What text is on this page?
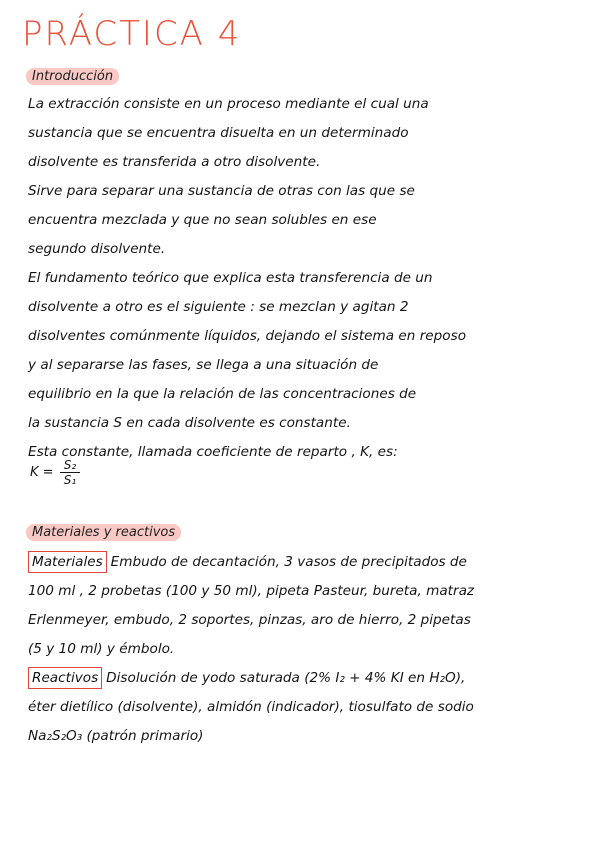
PRÁCTICA 4
Introducción
La extracción consiste en un proceso mediante el cual una
sustancia que se encuentra disuelta en un determinado
disolvente es transferida a otro disolvente.
Sirve para separar una sustancia de otras con las que se
encuentra mezclada y que no sean solubles en ese
segundo disolvente.
El fundamento teórico que explica esta transferencia de un
disolvente a otro es el siguiente : se mezclan y agitan 2
disolventes comúnmente líquidos, dejando el sistema en reposo
y al separarse las fases, se llega a una situación de
equilibrio en la que la relación de las concentraciones de
la sustancia S en cada disolvente es constante.
Esta constante, llamada coeficiente de reparto , K, es:
$K = \frac{\text{S₂}}{\text{S₁}}$
Materiales y reactivos
Materiales Embudo de decantación, 3 vasos de precipitados de
100 ml , 2 probetas (100 y 50 ml), pipeta Pasteur, bureta, matraz
Erlenmeyer, embudo, 2 soportes, pinzas, aro de hierro, 2 pipetas
(5 y 10 ml) y émbolo.
Reactivos Disolución de yodo saturada (2% I₂ + 4% KI en H₂O),
éter dietílico (disolvente), almidón (indicador), tiosulfato de sodio
Na₂S₂O₃ (patrón primario)
